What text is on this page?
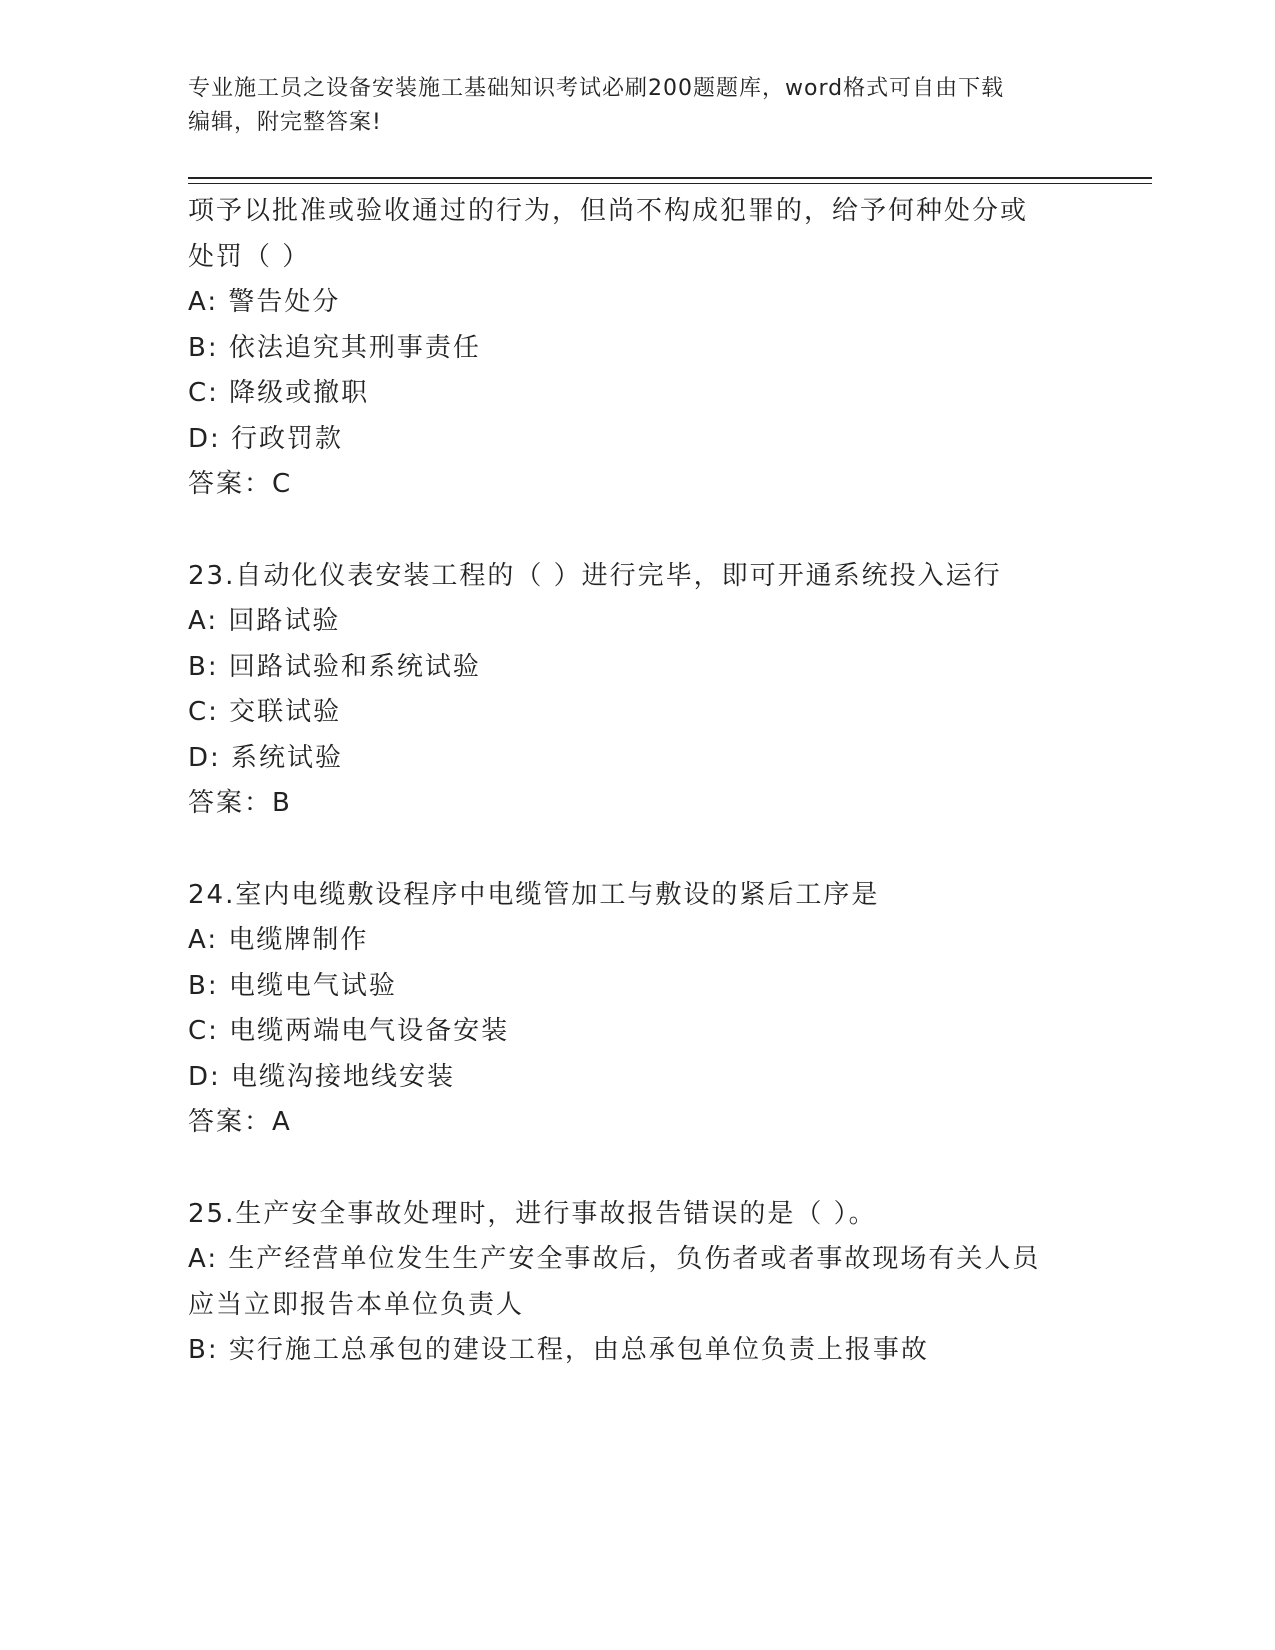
专业施工员之设备安装施工基础知识考试必刷200题题库，word格式可自由下载
编辑，附完整答案!
项予以批准或验收通过的行为，但尚不构成犯罪的，给予何种处分或
处罚（ ）
A: 警告处分
B: 依法追究其刑事责任
C: 降级或撤职
D: 行政罚款
答案：C
23.自动化仪表安装工程的（ ）进行完毕，即可开通系统投入运行
A: 回路试验
B: 回路试验和系统试验
C: 交联试验
D: 系统试验
答案：B
24.室内电缆敷设程序中电缆管加工与敷设的紧后工序是
A: 电缆牌制作
B: 电缆电气试验
C: 电缆两端电气设备安装
D: 电缆沟接地线安装
答案：A
25.生产安全事故处理时，进行事故报告错误的是（ ）。
A: 生产经营单位发生生产安全事故后，负伤者或者事故现场有关人员
应当立即报告本单位负责人
B: 实行施工总承包的建设工程，由总承包单位负责上报事故
